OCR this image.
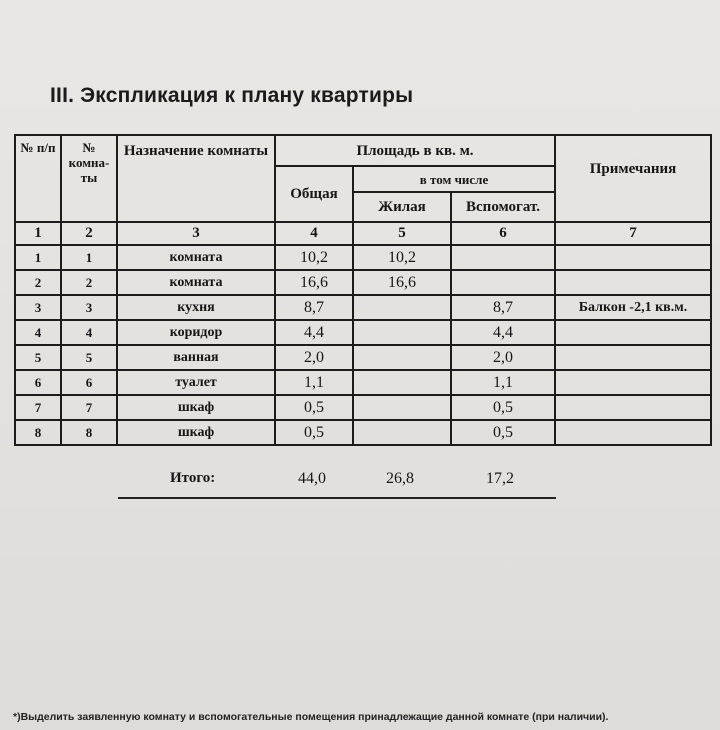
III. Экспликация к плану квартиры
№ п/п	№ комна-ты	Назначение комнаты	Площадь в кв. м.			Примечания
			Общая	в том числе		
				Жилая	Вспомогат.	
1	2	3	4	5	6	7
1	1	комната	10,2	10,2		
2	2	комната	16,6	16,6		
3	3	кухня	8,7		8,7	Балкон -2,1 кв.м.
4	4	коридор	4,4		4,4	
5	5	ванная	2,0		2,0	
6	6	туалет	1,1		1,1	
7	7	шкаф	0,5		0,5	
8	8	шкаф	0,5		0,5	
Итого:	44,0	26,8	17,2
*)Выделить заявленную комнату и вспомогательные помещения принадлежащие данной комнате (при наличии).
